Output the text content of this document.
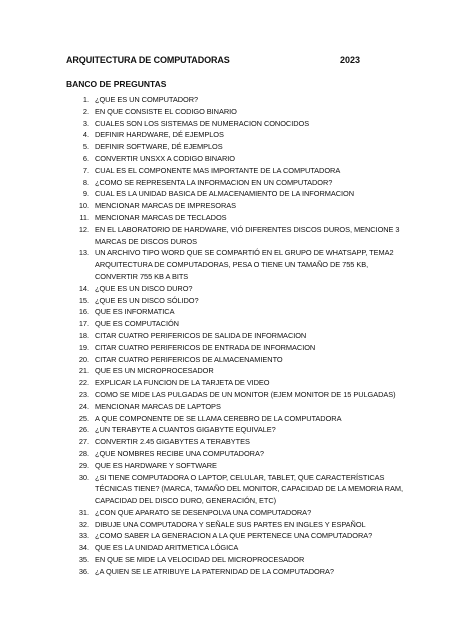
ARQUITECTURA DE COMPUTADORAS	2023
BANCO DE PREGUNTAS
1. ¿QUE ES UN COMPUTADOR?
2. EN QUE CONSISTE EL CODIGO BINARIO
3. CUALES SON LOS SISTEMAS DE NUMERACION CONOCIDOS
4. DEFINIR HARDWARE, DÉ EJEMPLOS
5. DEFINIR SOFTWARE, DÉ EJEMPLOS
6. CONVERTIR UNSXX A CODIGO BINARIO
7. CUAL ES EL COMPONENTE MAS IMPORTANTE DE LA COMPUTADORA
8. ¿COMO SE REPRESENTA LA INFORMACION EN UN COMPUTADOR?
9. CUAL ES LA UNIDAD BASICA DE ALMACENAMIENTO DE LA INFORMACION
10. MENCIONAR MARCAS DE IMPRESORAS
11. MENCIONAR MARCAS DE TECLADOS
12. EN EL LABORATORIO DE HARDWARE, VIÓ DIFERENTES DISCOS DUROS, MENCIONE 3 MARCAS DE DISCOS DUROS
13. UN ARCHIVO TIPO WORD QUE SE COMPARTIÓ EN EL GRUPO DE WHATSAPP, TEMA2 ARQUITECTURA DE COMPUTADORAS, PESA O TIENE UN TAMAÑO DE 755 KB, CONVERTIR 755 KB A BITS
14. ¿QUE ES UN DISCO DURO?
15. ¿QUE ES UN DISCO SÓLIDO?
16. QUE ES INFORMATICA
17. QUE ES COMPUTACIÓN
18. CITAR CUATRO PERIFERICOS DE SALIDA DE INFORMACION
19. CITAR CUATRO PERIFERICOS DE ENTRADA DE INFORMACION
20. CITAR CUATRO PERIFERICOS DE ALMACENAMIENTO
21. QUE ES UN MICROPROCESADOR
22. EXPLICAR LA FUNCION DE LA TARJETA DE VIDEO
23. COMO SE MIDE LAS PULGADAS DE UN MONITOR (EJEM MONITOR DE 15 PULGADAS)
24. MENCIONAR MARCAS DE LAPTOPS
25. A QUE COMPONENTE DE SE LLAMA CEREBRO DE LA COMPUTADORA
26. ¿UN TERABYTE A CUANTOS GIGABYTE EQUIVALE?
27. CONVERTIR 2.45 GIGABYTES A TERABYTES
28. ¿QUE NOMBRES RECIBE UNA COMPUTADORA?
29. QUE ES HARDWARE Y SOFTWARE
30. ¿SI TIENE COMPUTADORA O LAPTOP, CELULAR, TABLET, QUE CARACTERÍSTICAS TÉCNICAS TIENE? (MARCA, TAMAÑO DEL MONITOR, CAPACIDAD DE LA MEMORIA RAM, CAPACIDAD DEL DISCO DURO, GENERACIÓN, ETC)
31. ¿CON QUE APARATO SE DESENPOLVA UNA COMPUTADORA?
32. DIBUJE UNA COMPUTADORA Y SEÑALE SUS PARTES EN INGLES Y ESPAÑOL
33. ¿COMO SABER LA GENERACION A LA QUE PERTENECE UNA COMPUTADORA?
34. QUE ES LA UNIDAD ARITMETICA LÓGICA
35. EN QUE SE MIDE LA VELOCIDAD DEL MICROPROCESADOR
36. ¿A QUIEN SE LE ATRIBUYE LA PATERNIDAD DE LA COMPUTADORA?
